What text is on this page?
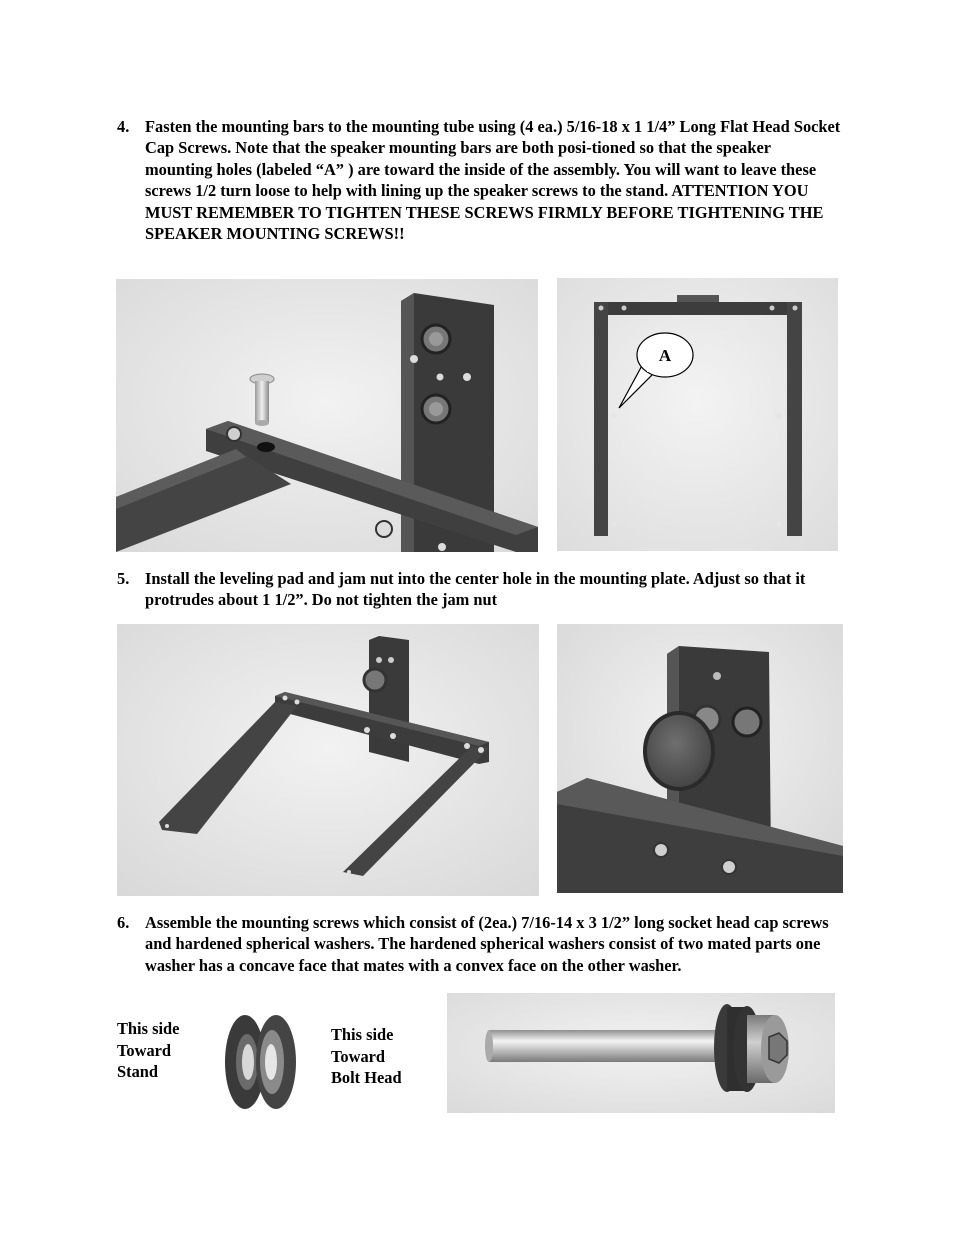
4. Fasten the mounting bars to the mounting tube using (4 ea.) 5/16-18 x 1 1/4” Long Flat Head Socket Cap Screws. Note that the speaker mounting bars are both posi-tioned so that the speaker mounting holes (labeled “A” ) are toward the inside of the assembly. You will want to leave these screws 1/2 turn loose to help with lining up the speaker screws to the stand. ATTENTION YOU MUST REMEMBER TO TIGHTEN THESE SCREWS FIRMLY BEFORE TIGHTENING THE SPEAKER MOUNTING SCREWS!!
A
5. Install the leveling pad and jam nut into the center hole in the mounting plate. Adjust so that it protrudes about 1 1/2”. Do not tighten the jam nut
6. Assemble the mounting screws which consist of (2ea.) 7/16-14 x 3 1/2” long socket head cap screws and hardened spherical washers. The hardened spherical washers consist of two mated parts one washer has a concave face that mates with a convex face on the other washer.
This side
Toward
Stand
This side
Toward
Bolt Head
